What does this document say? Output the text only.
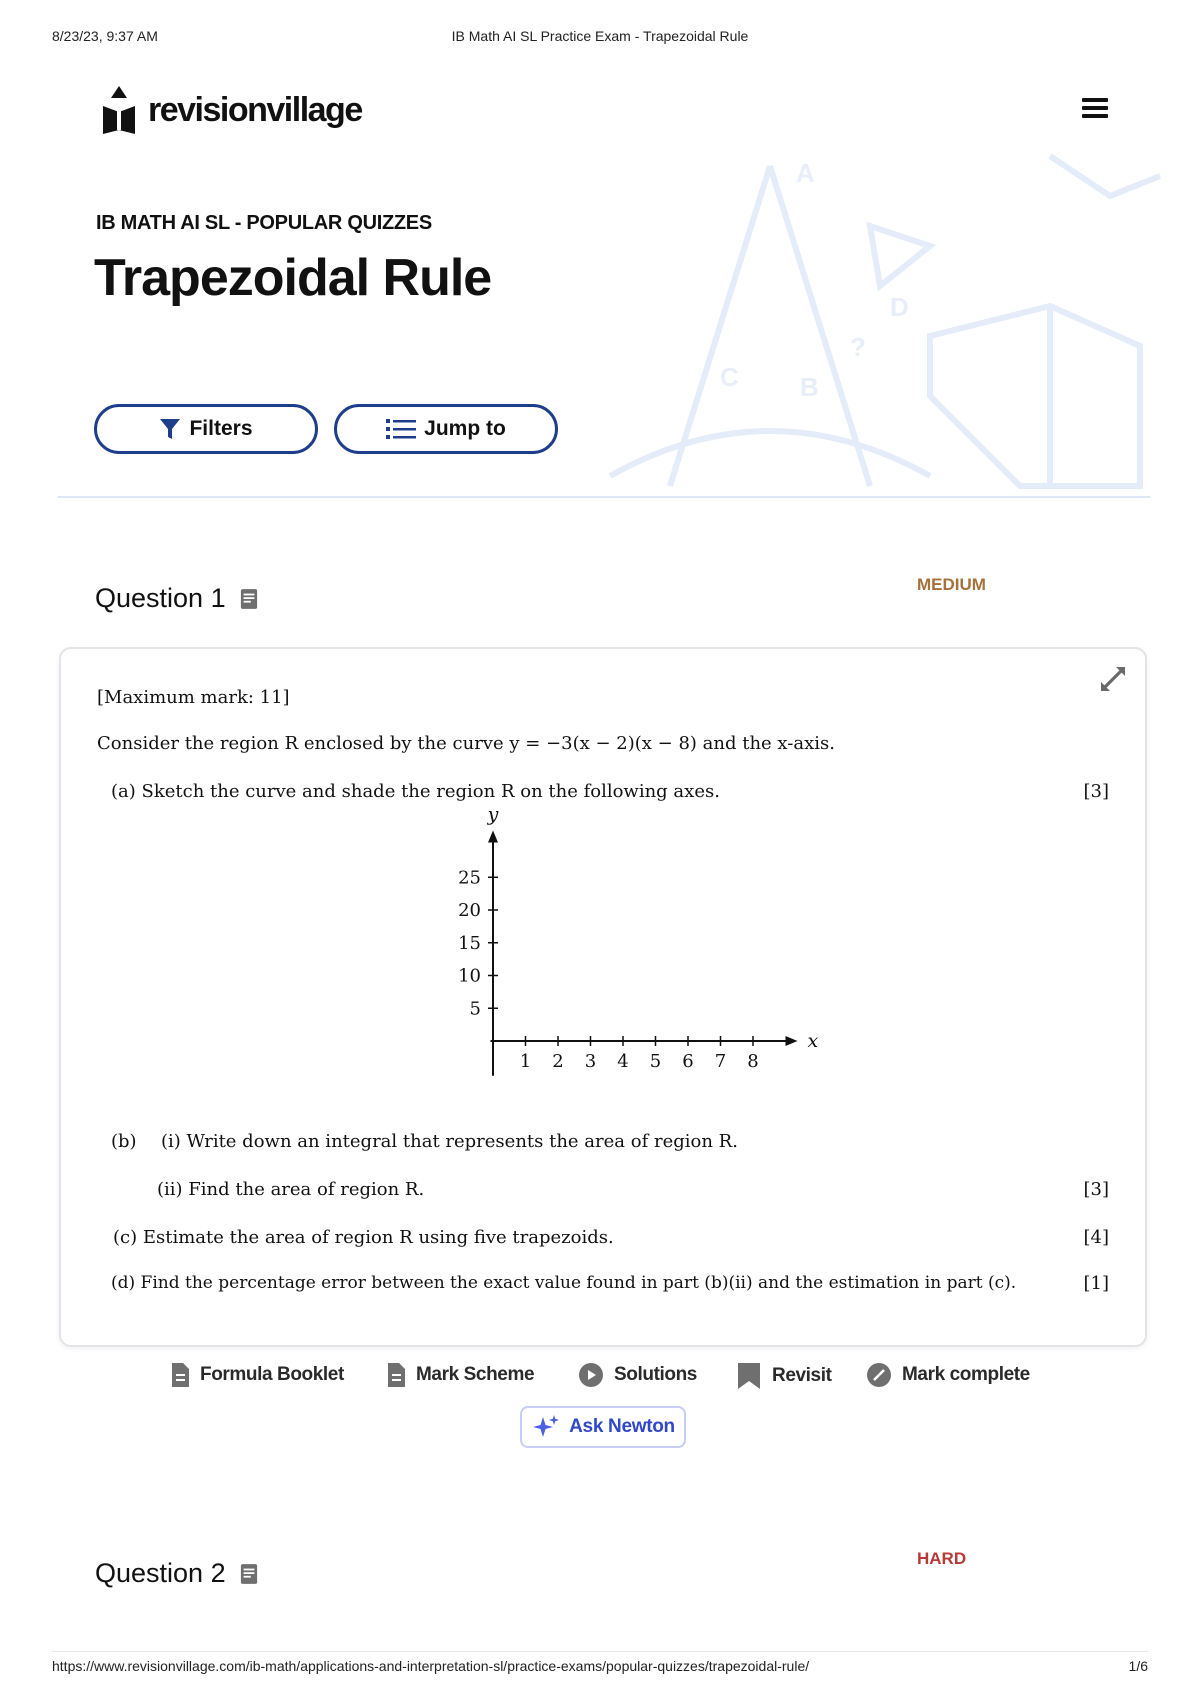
8/23/23, 9:37 AM	IB Math AI SL Practice Exam - Trapezoidal Rule
revisionvillage
A
B
C
D
?
IB MATH AI SL - POPULAR QUIZZES
Trapezoidal Rule
Filters	Jump to
Question 1	MEDIUM
[Maximum mark: 11]
Consider the region R enclosed by the curve y = −3(x − 2)(x − 8) and the x-axis.
(a) Sketch the curve and shade the region R on the following axes.	[3]
1 2 3 4 5 6 7 8
5
10
15
20
25
x
y
(b) (i) Write down an integral that represents the area of region R.
(ii) Find the area of region R.	[3]
(c) Estimate the area of region R using five trapezoids.	[4]
(d) Find the percentage error between the exact value found in part (b)(ii) and the estimation in part (c).	[1]
Formula Booklet	Mark Scheme	Solutions	Revisit	Mark complete
Ask Newton
Question 2	HARD
https://www.revisionvillage.com/ib-math/applications-and-interpretation-sl/practice-exams/popular-quizzes/trapezoidal-rule/	1/6
